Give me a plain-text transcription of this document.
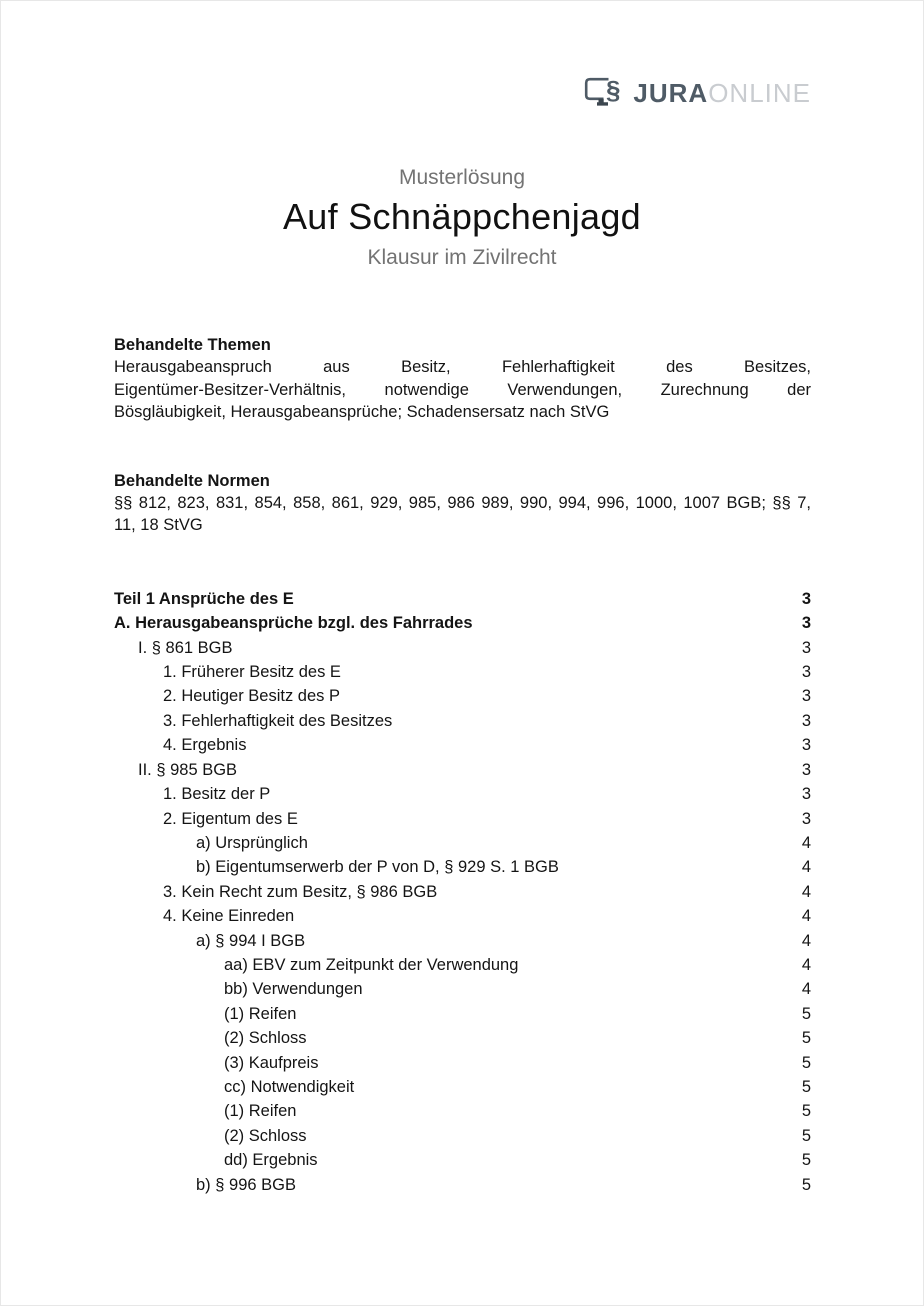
§ JURAONLINE
Musterlösung
Auf Schnäppchenjagd
Klausur im Zivilrecht
Behandelte Themen
Herausgabeanspruch aus Besitz, Fehlerhaftigkeit des Besitzes,
Eigentümer-Besitzer-Verhältnis, notwendige Verwendungen, Zurechnung der
Bösgläubigkeit, Herausgabeansprüche; Schadensersatz nach StVG
Behandelte Normen
§§ 812, 823, 831, 854, 858, 861, 929, 985, 986 989, 990, 994, 996, 1000, 1007 BGB; §§ 7,
11, 18 StVG
Teil 1 Ansprüche des E	3
A. Herausgabeansprüche bzgl. des Fahrrades	3
I. § 861 BGB	3
1. Früherer Besitz des E	3
2. Heutiger Besitz des P	3
3. Fehlerhaftigkeit des Besitzes	3
4. Ergebnis	3
II. § 985 BGB	3
1. Besitz der P	3
2. Eigentum des E	3
a) Ursprünglich	4
b) Eigentumserwerb der P von D, § 929 S. 1 BGB	4
3. Kein Recht zum Besitz, § 986 BGB	4
4. Keine Einreden	4
a) § 994 I BGB	4
aa) EBV zum Zeitpunkt der Verwendung	4
bb) Verwendungen	4
(1) Reifen	5
(2) Schloss	5
(3) Kaufpreis	5
cc) Notwendigkeit	5
(1) Reifen	5
(2) Schloss	5
dd) Ergebnis	5
b) § 996 BGB	5
